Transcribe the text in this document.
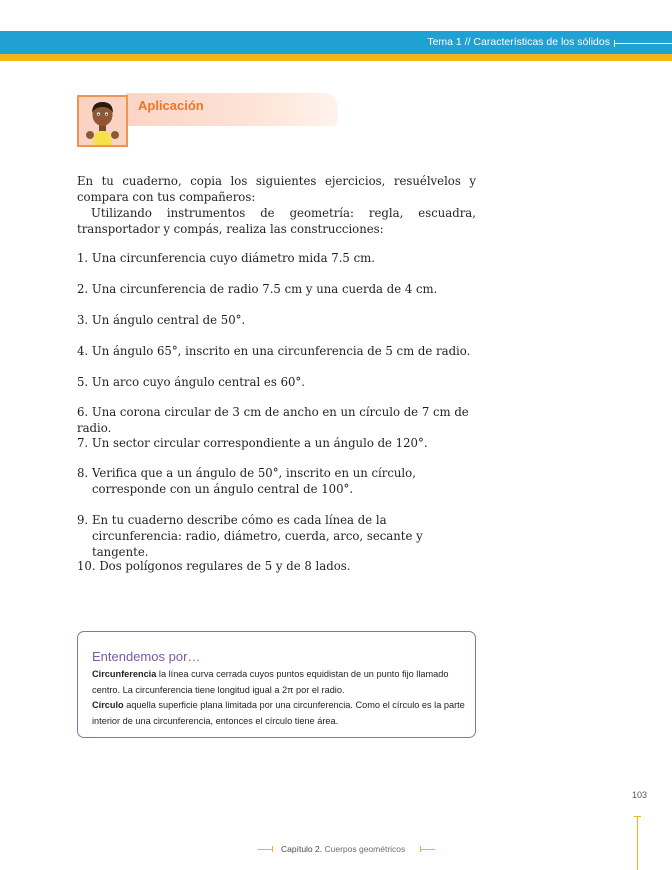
Tema 1 // Características de los sólidos
Aplicación
En tu cuaderno, copia los siguientes ejercicios, resuélvelos y compara con tus compañeros:
Utilizando instrumentos de geometría: regla, escuadra, transportador y compás, realiza las construcciones:
1. Una circunferencia cuyo diámetro mida 7.5 cm.
2. Una circunferencia de radio 7.5 cm y una cuerda de 4 cm.
3. Un ángulo central de 50°.
4. Un ángulo 65°, inscrito en una circunferencia de 5 cm de radio.
5. Un arco cuyo ángulo central es 60°.
6. Una corona circular de 3 cm de ancho en un círculo de 7 cm de radio.
7. Un sector circular correspondiente a un ángulo de 120°.
8. Verifica que a un ángulo de 50°, inscrito en un círculo, corresponde con un ángulo central de 100°.
9. En tu cuaderno describe cómo es cada línea de la circunferencia: radio, diámetro, cuerda, arco, secante y tangente.
10. Dos polígonos regulares de 5 y de 8 lados.
Entendemos por…
Circunferencia la línea curva cerrada cuyos puntos equidistan de un punto fijo llamado centro. La circunferencia tiene longitud igual a 2π por el radio.
Círculo aquella superficie plana limitada por una circunferencia. Como el círculo es la parte interior de una circunferencia, entonces el círculo tiene área.
103
Capítulo 2. Cuerpos geométricos
